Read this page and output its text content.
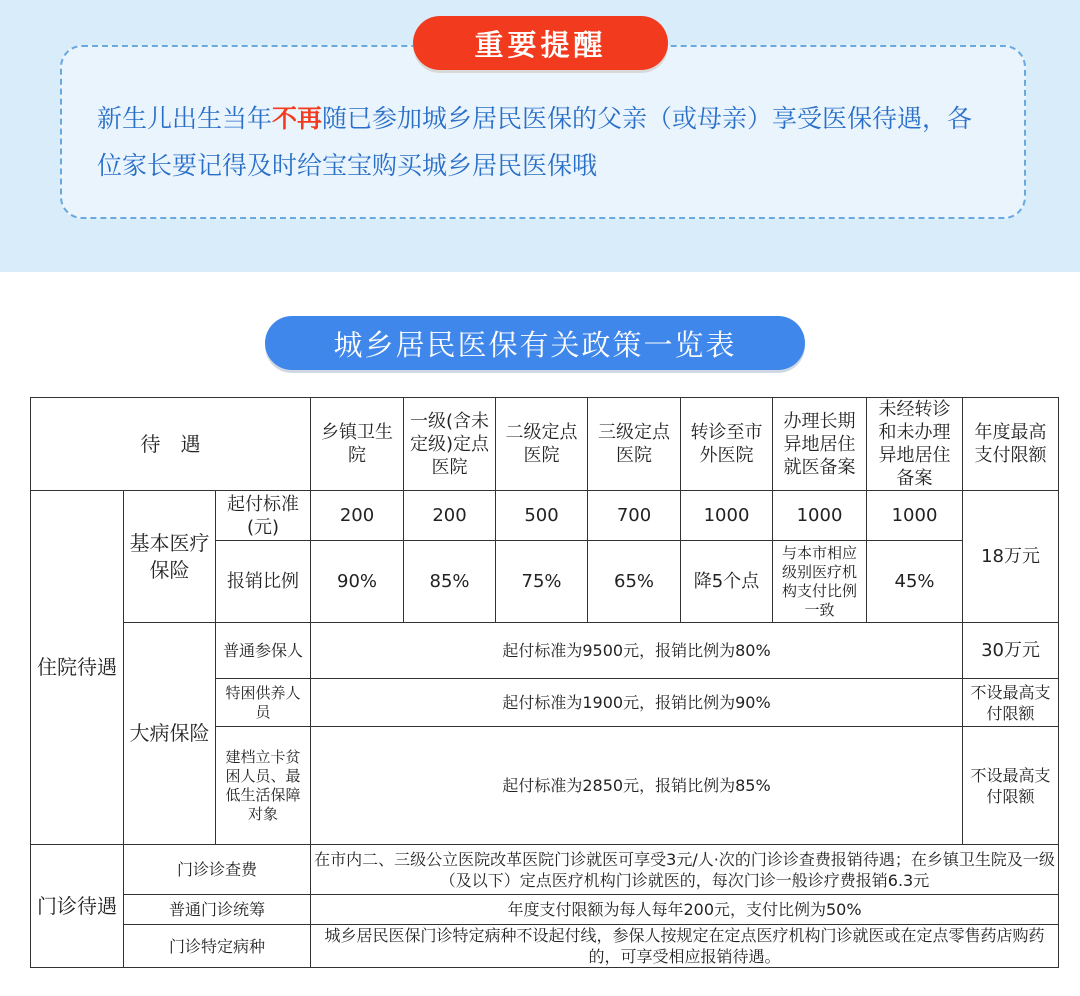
重要提醒
新生儿出生当年不再随已参加城乡居民医保的父亲（或母亲）享受医保待遇，各位家长要记得及时给宝宝购买城乡居民医保哦
城乡居民医保有关政策一览表
待　遇			乡镇卫生院	一级(含未定级)定点医院	二级定点医院	三级定点医院	转诊至市外医院	办理长期异地居住就医备案	未经转诊和未办理异地居住备案	年度最高支付限额
住院待遇	基本医疗保险	起付标准(元)	200	200	500	700	1000	1000	1000	18万元
		报销比例	90%	85%	75%	65%	降5个点	与本市相应级别医疗机构支付比例一致	45%	
	大病保险	普通参保人	起付标准为9500元，报销比例为80%							30万元
		特困供养人员	起付标准为1900元，报销比例为90%							不设最高支付限额
		建档立卡贫困人员、最低生活保障对象	起付标准为2850元，报销比例为85%							不设最高支付限额
门诊待遇	门诊诊查费		在市内二、三级公立医院改革医院门诊就医可享受3元/人·次的门诊诊查费报销待遇；在乡镇卫生院及一级（及以下）定点医疗机构门诊就医的，每次门诊一般诊疗费报销6.3元							
	普通门诊统筹		年度支付限额为每人每年200元，支付比例为50%							
	门诊特定病种		城乡居民医保门诊特定病种不设起付线，参保人按规定在定点医疗机构门诊就医或在定点零售药店购药的，可享受相应报销待遇。							
